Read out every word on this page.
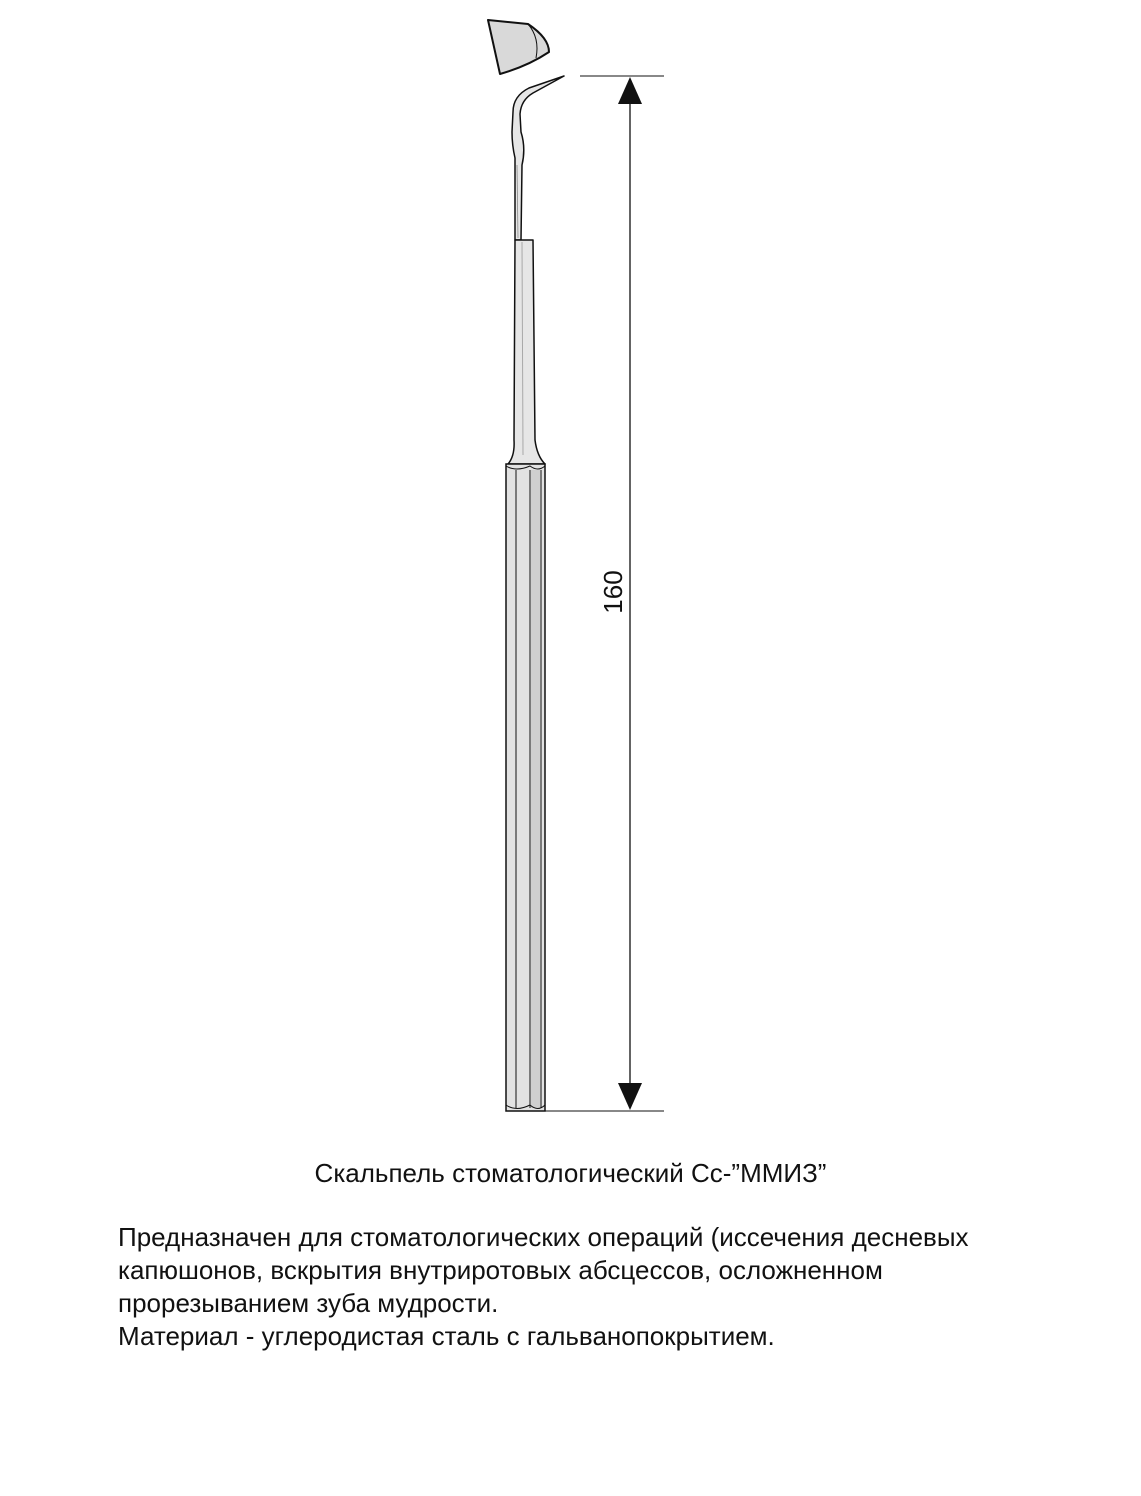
160
Скальпель стоматологический Сс-”ММИЗ”
Предназначен для стоматологических операций (иссечения десневых
капюшонов, вскрытия внутриротовых абсцессов, осложненном
прорезыванием зуба мудрости.
Материал - углеродистая сталь с гальванопокрытием.
